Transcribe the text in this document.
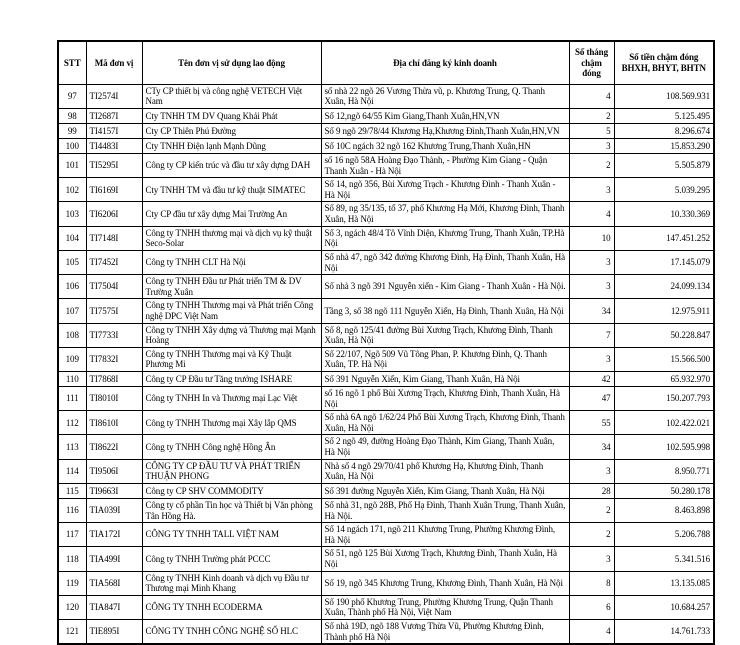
STT	Mã đơn vị	Tên đơn vị sử dụng lao động	Địa chỉ đăng ký kinh doanh	Số tháng chậm đóng	Số tiền chậm đóng BHXH, BHYT, BHTN
97	TI2574I	CTy CP thiết bị và công nghệ VETECH Việt Nam	số nhà 22 ngõ 26 Vương Thừa vũ, p. Khương Trung, Q. Thanh Xuân, Hà Nội	4	108.569.931
98	TI2687I	Cty TNHH TM DV Quang Khải Phát	Số 12,ngõ 64/55 Kim Giang,Thanh Xuân,HN,VN	2	5.125.495
99	TI4157I	Cty CP Thiên Phú Đường	Số 9 ngõ 29/78/44 Khương Hạ,Khương Đình,Thanh Xuân,HN,VN	5	8.296.674
100	TI4483I	Cty TNHH Điện lạnh Mạnh Dũng	Số 10C ngách 32 ngõ 162 Khương Trung,Thanh Xuân,HN	3	15.853.290
101	TI5295I	Công ty CP kiến trúc và đầu tư xây dựng DAH	số 16 ngõ 58A Hoàng Đạo Thành, - Phường Kim Giang - Quận Thanh Xuân - Hà Nội	2	5.505.879
102	TI6169I	Cty TNHH TM và đầu tư kỹ thuật SIMATEC	Số 14, ngõ 356, Bùi Xương Trạch - Khương Đình - Thanh Xuân - Hà Nội	3	5.039.295
103	TI6206I	Cty CP đầu tư xây dựng Mai Trường An	Số 89, ng 35/135, tổ 37, phố Khương Hạ Mới, Khương Đình, Thanh Xuân, Hà Nội	4	10.330.369
104	TI7148I	Công ty TNHH thương mại và dịch vụ kỹ thuật Seco-Solar	Số 3, ngách 48/4 Tô Vĩnh Diện, Khương Trung, Thanh Xuân, TP.Hà Nội	10	147.451.252
105	TI7452I	Công ty TNHH CLT Hà Nội	Số nhà 47, ngõ 342 đường Khương Đình, Hạ Đình, Thanh Xuân, Hà Nội	3	17.145.079
106	TI7504I	Công ty TNHH Đầu tư Phát triển TM & DV Trường Xuân	Số nhà 3 ngõ 391 Nguyễn xiển - Kim Giang - Thanh Xuân - Hà Nội.	3	24.099.134
107	TI7575I	Công ty TNHH Thương mại và Phát triển Công nghệ DPC Việt Nam	Tầng 3, số 38 ngõ 111 Nguyễn Xiển, Hạ Đình, Thanh Xuân, Hà Nội	34	12.975.911
108	TI7733I	Công ty TNHH Xây dựng và Thương mại Mạnh Hoàng	Số 8, ngõ 125/41 đường Bùi Xương Trạch, Khương Đình, Thanh Xuân, Hà Nội	7	50.228.847
109	TI7832I	Công ty TNHH Thương mại và Kỹ Thuật Phương Mi	Số 22/107, Ngõ 509 Vũ Tông Phan, P. Khương Đình, Q. Thanh Xuân, TP. Hà Nội	3	15.566.500
110	TI7868I	Công ty CP Đầu tư Tăng trưởng ISHARE	Số 391 Nguyễn Xiển, Kim Giang, Thanh Xuân, Hà Nội	42	65.932.970
111	TI8010I	Công ty TNHH In và Thương mại Lạc Việt	số 16 ngõ 1 phố Bùi Xương Trạch, Khương Đình, Thanh Xuân, Hà Nội	47	150.207.793
112	TI8610I	Công ty TNHH Thương mại Xây lắp QMS	Số nhà 6A ngõ 1/62/24 Phố Bùi Xương Trạch, Khương Đình, Thanh Xuân, Hà Nội	55	102.422.021
113	TI8622I	Công ty TNHH Công nghệ Hồng Ân	Số 2 ngõ 49, đường Hoàng Đạo Thành, Kim Giang, Thanh Xuân, Hà Nội	34	102.595.998
114	TI9506I	CÔNG TY CP ĐẦU TƯ VÀ PHÁT TRIỂN THUẬN PHONG	Nhà số 4 ngõ 29/70/41 phố Khương Hạ, Khương Đình, Thanh Xuân, Hà Nội	3	8.950.771
115	TI9663I	Công ty CP SHV COMMODITY	Số 391 đường Nguyễn Xiển, Kim Giang, Thanh Xuân, Hà Nội	28	50.280.178
116	TIA039I	Công ty cổ phần Tin học và Thiết bị Văn phòng Tân Hồng Hà.	Số nhà 31, ngõ 28B, Phố Hạ Đình, Thanh Xuân Trung, Thanh Xuân, Hà Nội.	2	8.463.898
117	TIA172I	CÔNG TY TNHH TALL VIỆT NAM	Số 14 ngách 171, ngõ 211 Khương Trung, Phường Khương Đình, Hà Nội	2	5.206.788
118	TIA499I	Công ty TNHH Trường phát PCCC	Số 51, ngõ 125 Bùi Xương Trạch, Khương Đình, Thanh Xuân, Hà Nội	3	5.341.516
119	TIA568I	Công ty TNHH Kinh doanh và dịch vụ Đầu tư Thương mại Minh Khang	Số 19, ngõ 345 Khương Trung, Khương Đình, Thanh Xuân, Hà Nội	8	13.135.085
120	TIA847I	CÔNG TY TNHH ECODERMA	Số 190 phố Khương Trung, Phường Khương Trung, Quận Thanh Xuân, Thành phố Hà Nội, Việt Nam	6	10.684.257
121	TIE895I	CÔNG TY TNHH CÔNG NGHỆ SỐ HLC	Số nhà 19D, ngõ 188 Vương Thừa Vũ, Phường Khương Đình, Thành phố Hà Nội	4	14.761.733
